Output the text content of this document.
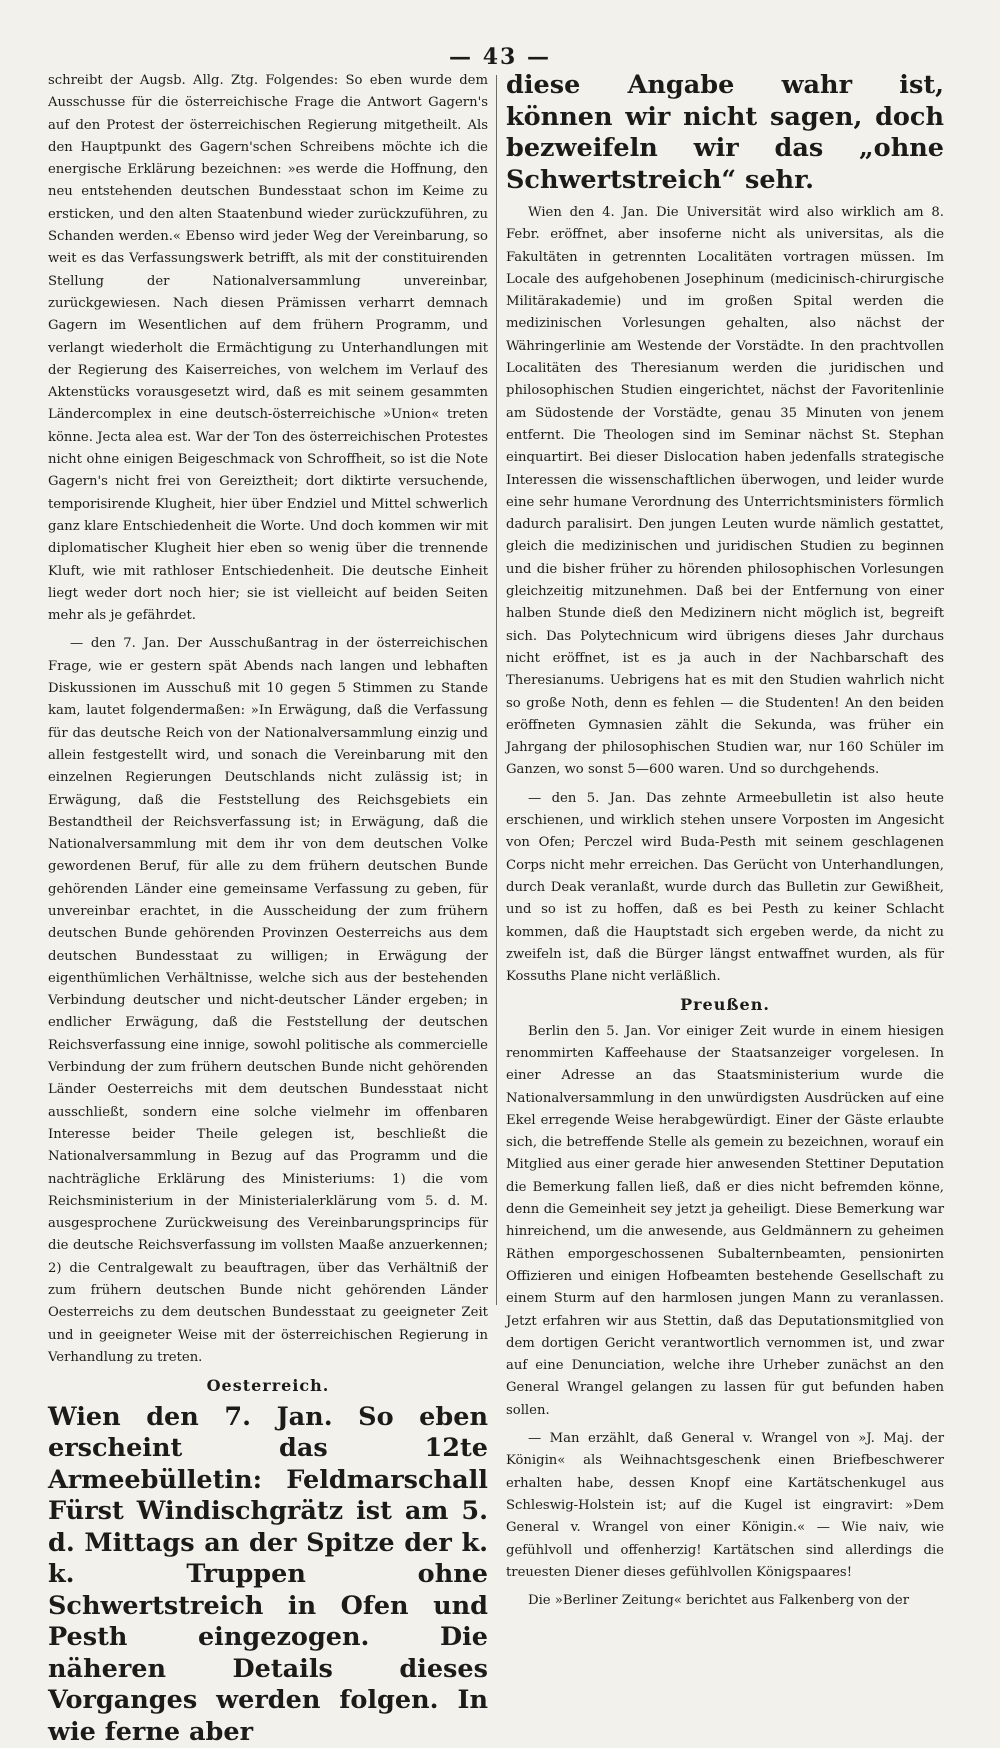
— 43 —

schreibt der Augsb. Allg. Ztg. Folgendes: So eben wurde dem Ausschusse für die österreichische Frage die Antwort Gagern's auf den Protest der österreichischen Regierung mitgetheilt. Als den Hauptpunkt des Gagern'schen Schreibens möchte ich die energische Erklärung bezeichnen: »es werde die Hoffnung, den neu entstehenden deutschen Bundesstaat schon im Keime zu ersticken, und den alten Staatenbund wieder zurückzuführen, zu Schanden werden.« Ebenso wird jeder Weg der Vereinbarung, so weit es das Verfassungswerk betrifft, als mit der constituirenden Stellung der Nationalversammlung unvereinbar, zurückgewiesen. Nach diesen Prämissen verharrt demnach Gagern im Wesentlichen auf dem frühern Programm, und verlangt wiederholt die Ermächtigung zu Unterhandlungen mit der Regierung des Kaiserreiches, von welchem im Verlauf des Aktenstücks vorausgesetzt wird, daß es mit seinem gesammten Ländercomplex in eine deutsch-österreichische »Union« treten könne. Jecta alea est. War der Ton des österreichischen Protestes nicht ohne einigen Beigeschmack von Schroffheit, so ist die Note Gagern's nicht frei von Gereiztheit; dort diktirte versuchende, temporisirende Klugheit, hier über Endziel und Mittel schwerlich ganz klare Entschiedenheit die Worte. Und doch kommen wir mit diplomatischer Klugheit hier eben so wenig über die trennende Kluft, wie mit rathloser Entschiedenheit. Die deutsche Einheit liegt weder dort noch hier; sie ist vielleicht auf beiden Seiten mehr als je gefährdet.

— den 7. Jan. Der Ausschußantrag in der österreichischen Frage, wie er gestern spät Abends nach langen und lebhaften Diskussionen im Ausschuß mit 10 gegen 5 Stimmen zu Stande kam, lautet folgendermaßen: »In Erwägung, daß die Verfassung für das deutsche Reich von der Nationalversammlung einzig und allein festgestellt wird, und sonach die Vereinbarung mit den einzelnen Regierungen Deutschlands nicht zulässig ist; in Erwägung, daß die Feststellung des Reichsgebiets ein Bestandtheil der Reichsverfassung ist; in Erwägung, daß die Nationalversammlung mit dem ihr von dem deutschen Volke gewordenen Beruf, für alle zu dem frühern deutschen Bunde gehörenden Länder eine gemeinsame Verfassung zu geben, für unvereinbar erachtet, in die Ausscheidung der zum frühern deutschen Bunde gehörenden Provinzen Oesterreichs aus dem deutschen Bundesstaat zu willigen; in Erwägung der eigenthümlichen Verhältnisse, welche sich aus der bestehenden Verbindung deutscher und nicht-deutscher Länder ergeben; in endlicher Erwägung, daß die Feststellung der deutschen Reichsverfassung eine innige, sowohl politische als commercielle Verbindung der zum frühern deutschen Bunde nicht gehörenden Länder Oesterreichs mit dem deutschen Bundesstaat nicht ausschließt, sondern eine solche vielmehr im offenbaren Interesse beider Theile gelegen ist, beschließt die Nationalversammlung in Bezug auf das Programm und die nachträgliche Erklärung des Ministeriums: 1) die vom Reichsministerium in der Ministerialerklärung vom 5. d. M. ausgesprochene Zurückweisung des Vereinbarungsprincips für die deutsche Reichsverfassung im vollsten Maaße anzuerkennen; 2) die Centralgewalt zu beauftragen, über das Verhältniß der zum frühern deutschen Bunde nicht gehörenden Länder Oesterreichs zu dem deutschen Bundesstaat zu geeigneter Zeit und in geeigneter Weise mit der österreichischen Regierung in Verhandlung zu treten.

Oesterreich.

Wien den 7. Jan. So eben erscheint das 12te Armeebülletin: Feldmarschall Fürst Windischgrätz ist am 5. d. Mittags an der Spitze der k. k. Truppen ohne Schwertstreich in Ofen und Pesth eingezogen. Die näheren Details dieses Vorganges werden folgen. In wie ferne aber

diese Angabe wahr ist, können wir nicht sagen, doch bezweifeln wir das „ohne Schwertstreich“ sehr.

Wien den 4. Jan. Die Universität wird also wirklich am 8. Febr. eröffnet, aber insoferne nicht als universitas, als die Fakultäten in getrennten Localitäten vortragen müssen. Im Locale des aufgehobenen Josephinum (medicinisch-chirurgische Militärakademie) und im großen Spital werden die medizinischen Vorlesungen gehalten, also nächst der Währingerlinie am Westende der Vorstädte. In den prachtvollen Localitäten des Theresianum werden die juridischen und philosophischen Studien eingerichtet, nächst der Favoritenlinie am Südostende der Vorstädte, genau 35 Minuten von jenem entfernt. Die Theologen sind im Seminar nächst St. Stephan einquartirt. Bei dieser Dislocation haben jedenfalls strategische Interessen die wissenschaftlichen überwogen, und leider wurde eine sehr humane Verordnung des Unterrichtsministers förmlich dadurch paralisirt. Den jungen Leuten wurde nämlich gestattet, gleich die medizinischen und juridischen Studien zu beginnen und die bisher früher zu hörenden philosophischen Vorlesungen gleichzeitig mitzunehmen. Daß bei der Entfernung von einer halben Stunde dieß den Medizinern nicht möglich ist, begreift sich. Das Polytechnicum wird übrigens dieses Jahr durchaus nicht eröffnet, ist es ja auch in der Nachbarschaft des Theresianums. Uebrigens hat es mit den Studien wahrlich nicht so große Noth, denn es fehlen — die Studenten! An den beiden eröffneten Gymnasien zählt die Sekunda, was früher ein Jahrgang der philosophischen Studien war, nur 160 Schüler im Ganzen, wo sonst 5—600 waren. Und so durchgehends.

— den 5. Jan. Das zehnte Armeebulletin ist also heute erschienen, und wirklich stehen unsere Vorposten im Angesicht von Ofen; Perczel wird Buda-Pesth mit seinem geschlagenen Corps nicht mehr erreichen. Das Gerücht von Unterhandlungen, durch Deak veranlaßt, wurde durch das Bulletin zur Gewißheit, und so ist zu hoffen, daß es bei Pesth zu keiner Schlacht kommen, daß die Hauptstadt sich ergeben werde, da nicht zu zweifeln ist, daß die Bürger längst entwaffnet wurden, als für Kossuths Plane nicht verläßlich.

Preußen.

Berlin den 5. Jan. Vor einiger Zeit wurde in einem hiesigen renommirten Kaffeehause der Staatsanzeiger vorgelesen. In einer Adresse an das Staatsministerium wurde die Nationalversammlung in den unwürdigsten Ausdrücken auf eine Ekel erregende Weise herabgewürdigt. Einer der Gäste erlaubte sich, die betreffende Stelle als gemein zu bezeichnen, worauf ein Mitglied aus einer gerade hier anwesenden Stettiner Deputation die Bemerkung fallen ließ, daß er dies nicht befremden könne, denn die Gemeinheit sey jetzt ja geheiligt. Diese Bemerkung war hinreichend, um die anwesende, aus Geldmännern zu geheimen Räthen emporgeschossenen Subalternbeamten, pensionirten Offizieren und einigen Hofbeamten bestehende Gesellschaft zu einem Sturm auf den harmlosen jungen Mann zu veranlassen. Jetzt erfahren wir aus Stettin, daß das Deputationsmitglied von dem dortigen Gericht verantwortlich vernommen ist, und zwar auf eine Denunciation, welche ihre Urheber zunächst an den General Wrangel gelangen zu lassen für gut befunden haben sollen.

— Man erzählt, daß General v. Wrangel von »J. Maj. der Königin« als Weihnachtsgeschenk einen Briefbeschwerer erhalten habe, dessen Knopf eine Kartätschenkugel aus Schleswig-Holstein ist; auf die Kugel ist eingravirt: »Dem General v. Wrangel von einer Königin.« — Wie naiv, wie gefühlvoll und offenherzig! Kartätschen sind allerdings die treuesten Diener dieses gefühlvollen Königspaares!

Die »Berliner Zeitung« berichtet aus Falkenberg von der
